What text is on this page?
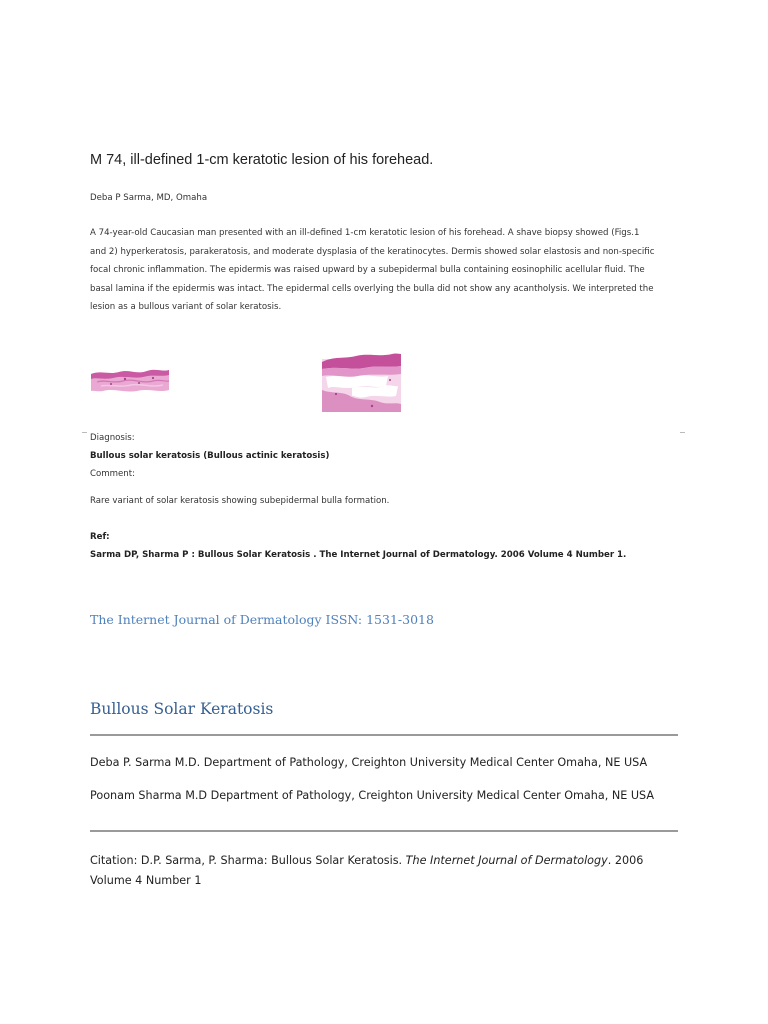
M 74, ill-defined 1-cm keratotic lesion of his forehead.
Deba P Sarma, MD, Omaha
A 74-year-old Caucasian man presented with an ill-defined 1-cm keratotic lesion of his forehead. A shave biopsy showed (Figs.1
and 2) hyperkeratosis, parakeratosis, and moderate dysplasia of the keratinocytes. Dermis showed solar elastosis and non-specific
focal chronic inflammation. The epidermis was raised upward by a subepidermal bulla containing eosinophilic acellular fluid. The
basal lamina if the epidermis was intact. The epidermal cells overlying the bulla did not show any acantholysis. We interpreted the
lesion as a bullous variant of solar keratosis.
Diagnosis:
Bullous solar keratosis (Bullous actinic keratosis)
Comment:
Rare variant of solar keratosis showing subepidermal bulla formation.
Ref:
Sarma DP, Sharma P : Bullous Solar Keratosis . The Internet Journal of Dermatology. 2006 Volume 4 Number 1.
The Internet Journal of Dermatology ISSN: 1531-3018
Bullous Solar Keratosis
Deba P. Sarma M.D. Department of Pathology, Creighton University Medical Center Omaha, NE USA
Poonam Sharma M.D Department of Pathology, Creighton University Medical Center Omaha, NE USA
Citation: D.P. Sarma, P. Sharma: Bullous Solar Keratosis. The Internet Journal of Dermatology. 2006 Volume 4 Number 1
